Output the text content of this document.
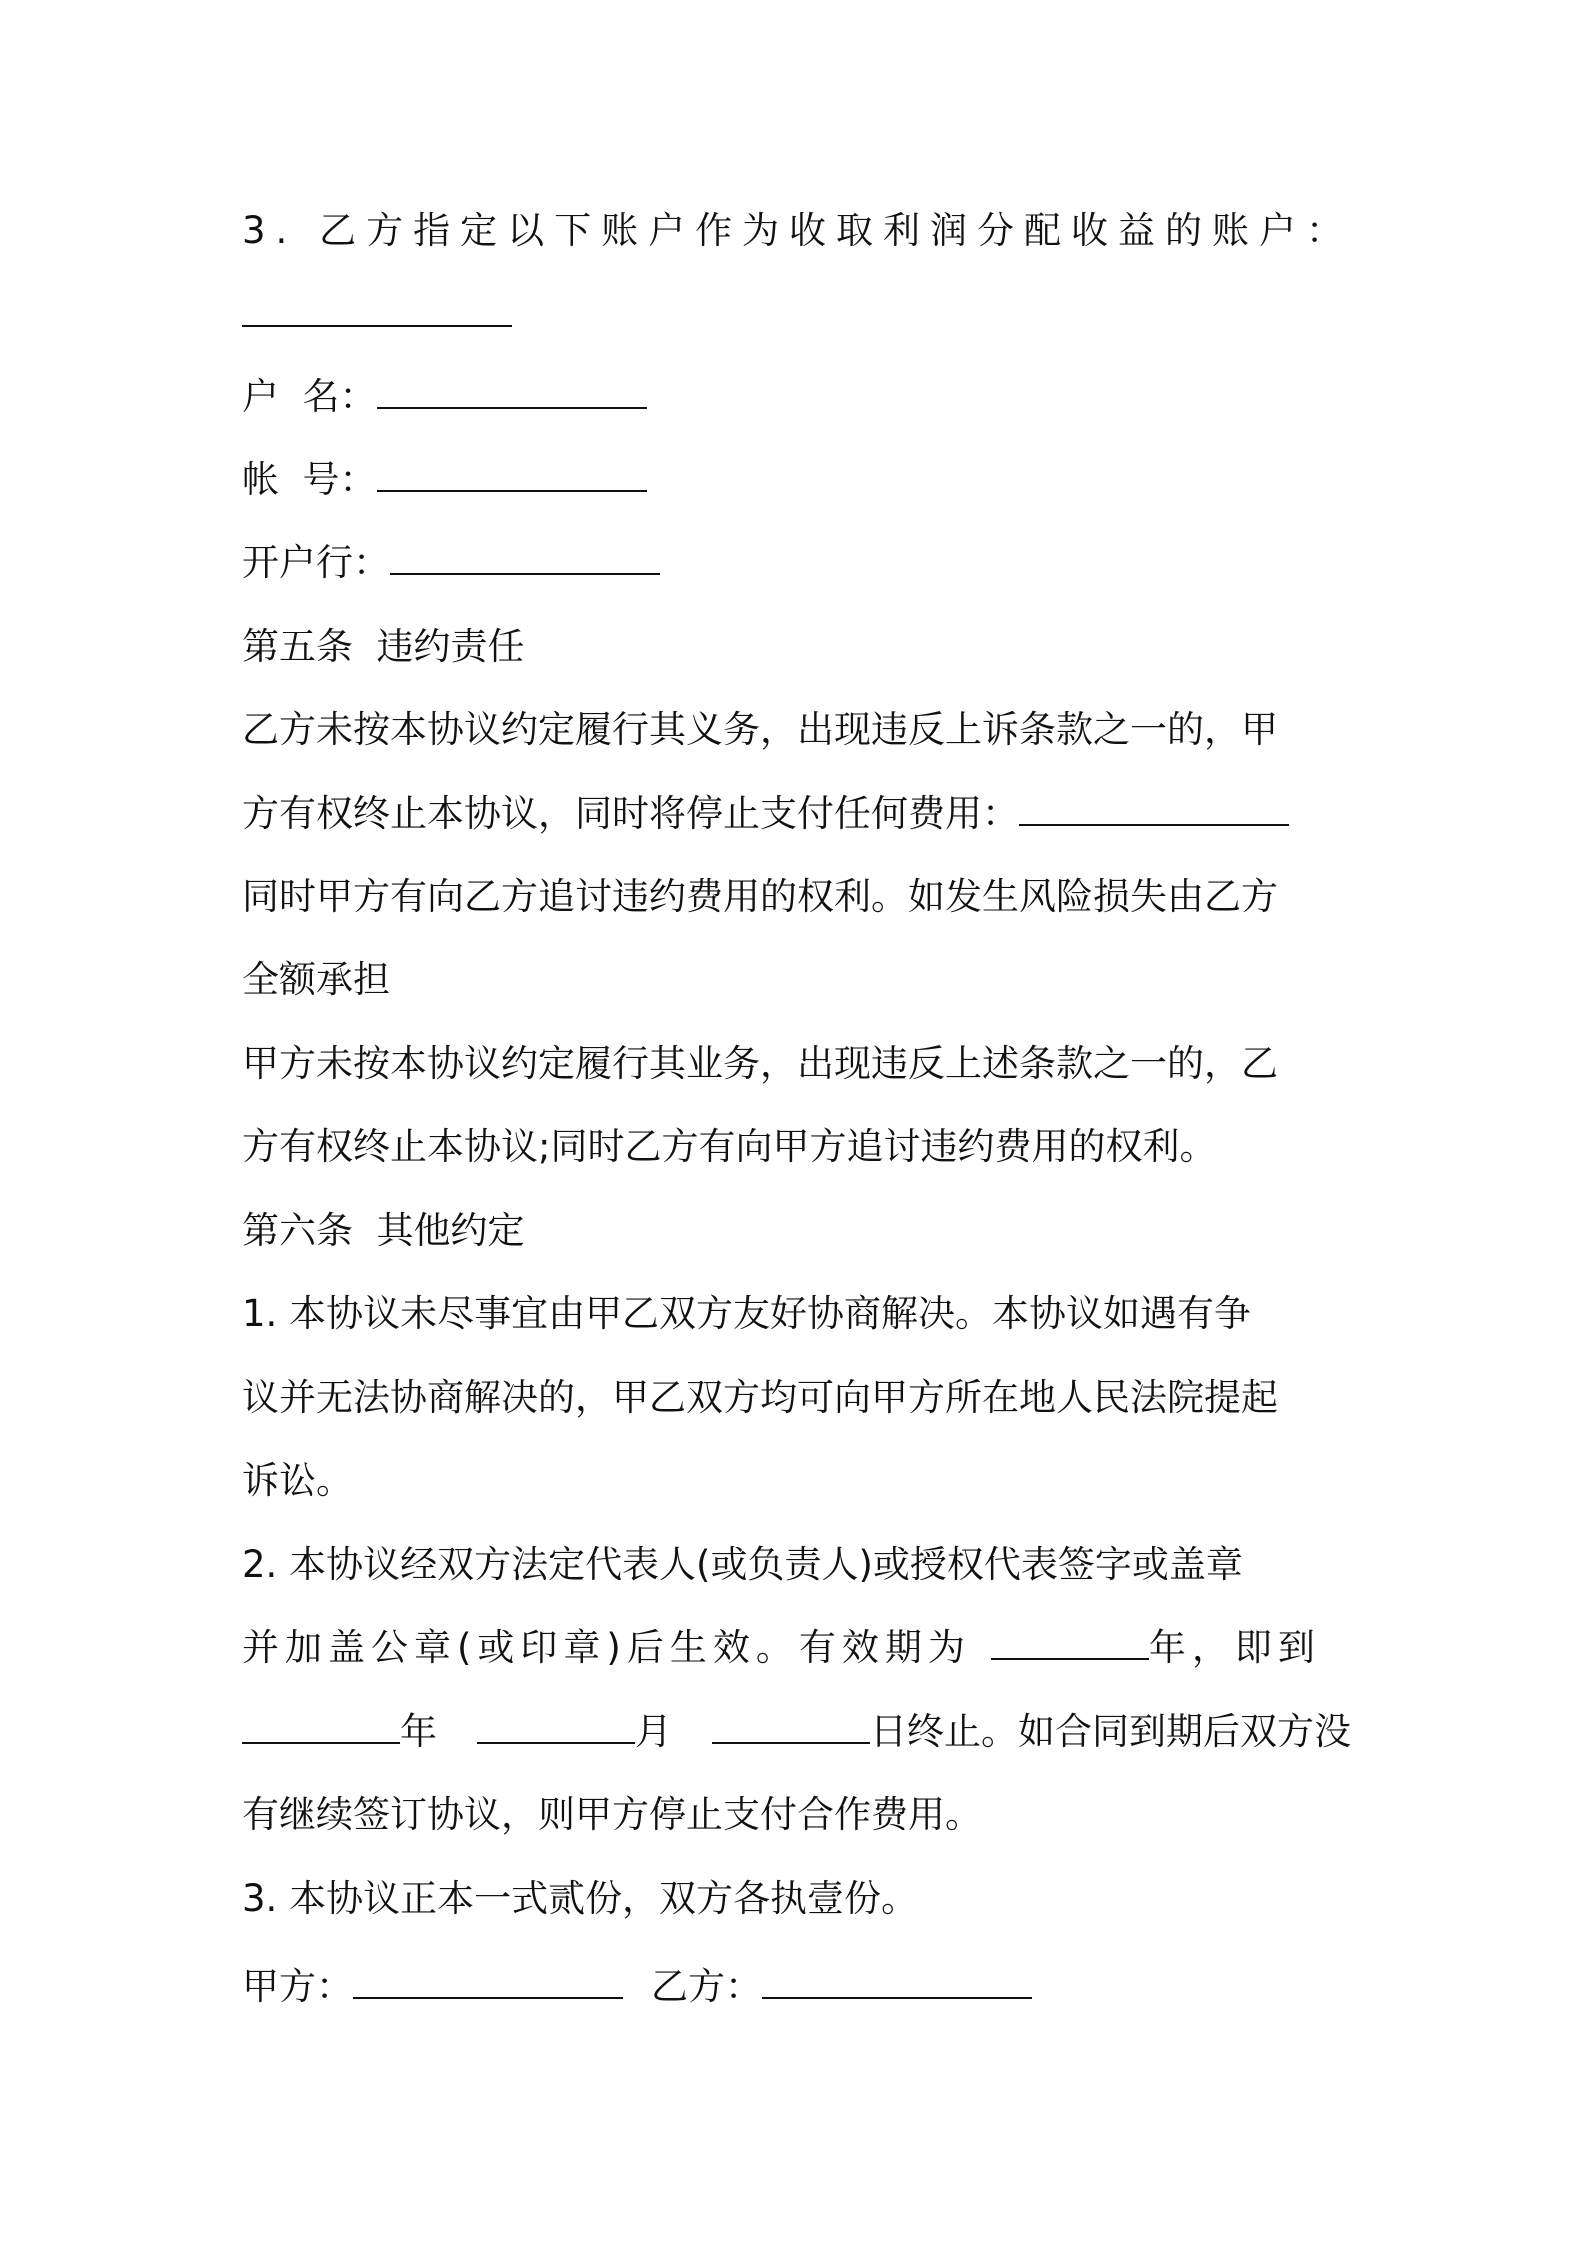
3. 乙方指定以下账户作为收取利润分配收益的账户：
户  名：
帐  号：
开户行：
第五条  违约责任
乙方未按本协议约定履行其义务，出现违反上诉条款之一的，甲
方有权终止本协议，同时将停止支付任何费用：
同时甲方有向乙方追讨违约费用的权利。如发生风险损失由乙方
全额承担
甲方未按本协议约定履行其业务，出现违反上述条款之一的，乙
方有权终止本协议;同时乙方有向甲方追讨违约费用的权利。
第六条  其他约定
1. 本协议未尽事宜由甲乙双方友好协商解决。本协议如遇有争
议并无法协商解决的，甲乙双方均可向甲方所在地人民法院提起
诉讼。
2. 本协议经双方法定代表人(或负责人)或授权代表签字或盖章
并加盖公章(或印章)后生效。有效期为	年，即到
年	月	日终止。如合同到期后双方没
有继续签订协议，则甲方停止支付合作费用。
3. 本协议正本一式贰份，双方各执壹份。
甲方：	乙方：
